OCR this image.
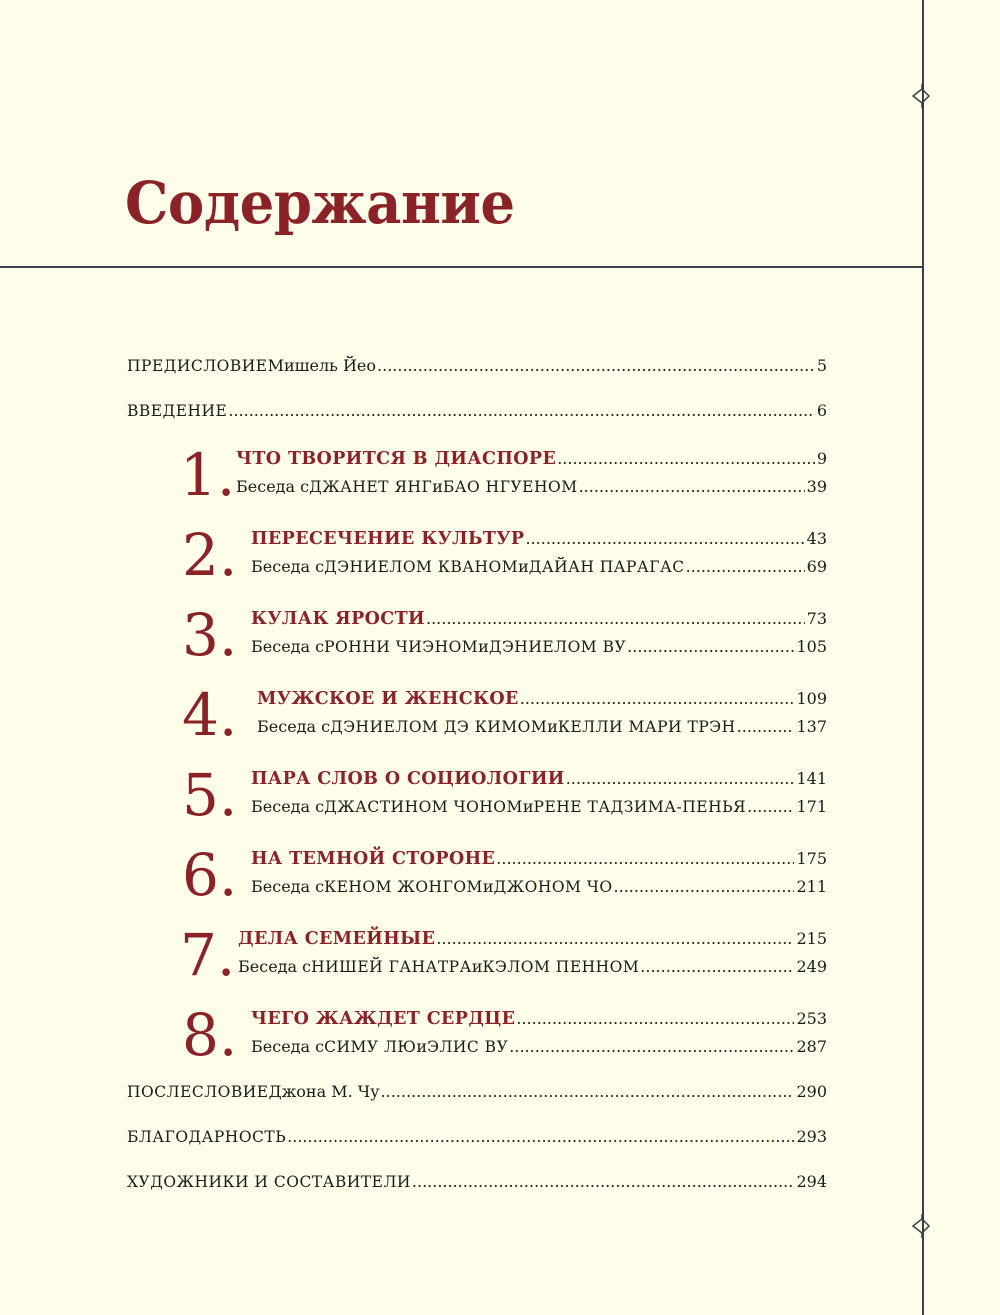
Содержание
ПРЕДИСЛОВИЕ Мишель Йео .....	5
ВВЕДЕНИЕ .....	6
1. ЧТО ТВОРИТСЯ В ДИАСПОРЕ .....	9
Беседа с ДЖАНЕТ ЯНГ и БАО НГУЕНОМ .....	39
2. ПЕРЕСЕЧЕНИЕ КУЛЬТУР .....	43
Беседа с ДЭНИЕЛОМ КВАНОМ и ДАЙАН ПАРАГАС .....	69
3. КУЛАК ЯРОСТИ .....	73
Беседа с РОННИ ЧИЭНОМ и ДЭНИЕЛОМ ВУ .....	105
4. МУЖСКОЕ И ЖЕНСКОЕ .....	109
Беседа с ДЭНИЕЛОМ ДЭ КИМОМ и КЕЛЛИ МАРИ ТРЭН .....	137
5. ПАРА СЛОВ О СОЦИОЛОГИИ .....	141
Беседа с ДЖАСТИНОМ ЧОНОМ и РЕНЕ ТАДЗИМА-ПЕНЬЯ .....	171
6. НА ТЕМНОЙ СТОРОНЕ .....	175
Беседа с КЕНОМ ЖОНГОМ и ДЖОНОМ ЧО .....	211
7. ДЕЛА СЕМЕЙНЫЕ .....	215
Беседа с НИШЕЙ ГАНАТРА и КЭЛОМ ПЕННОМ .....	249
8. ЧЕГО ЖАЖДЕТ СЕРДЦЕ .....	253
Беседа с СИМУ ЛЮ и ЭЛИС ВУ .....	287
ПОСЛЕСЛОВИЕ Джона М. Чу .....	290
БЛАГОДАРНОСТЬ .....	293
ХУДОЖНИКИ И СОСТАВИТЕЛИ .....	294
